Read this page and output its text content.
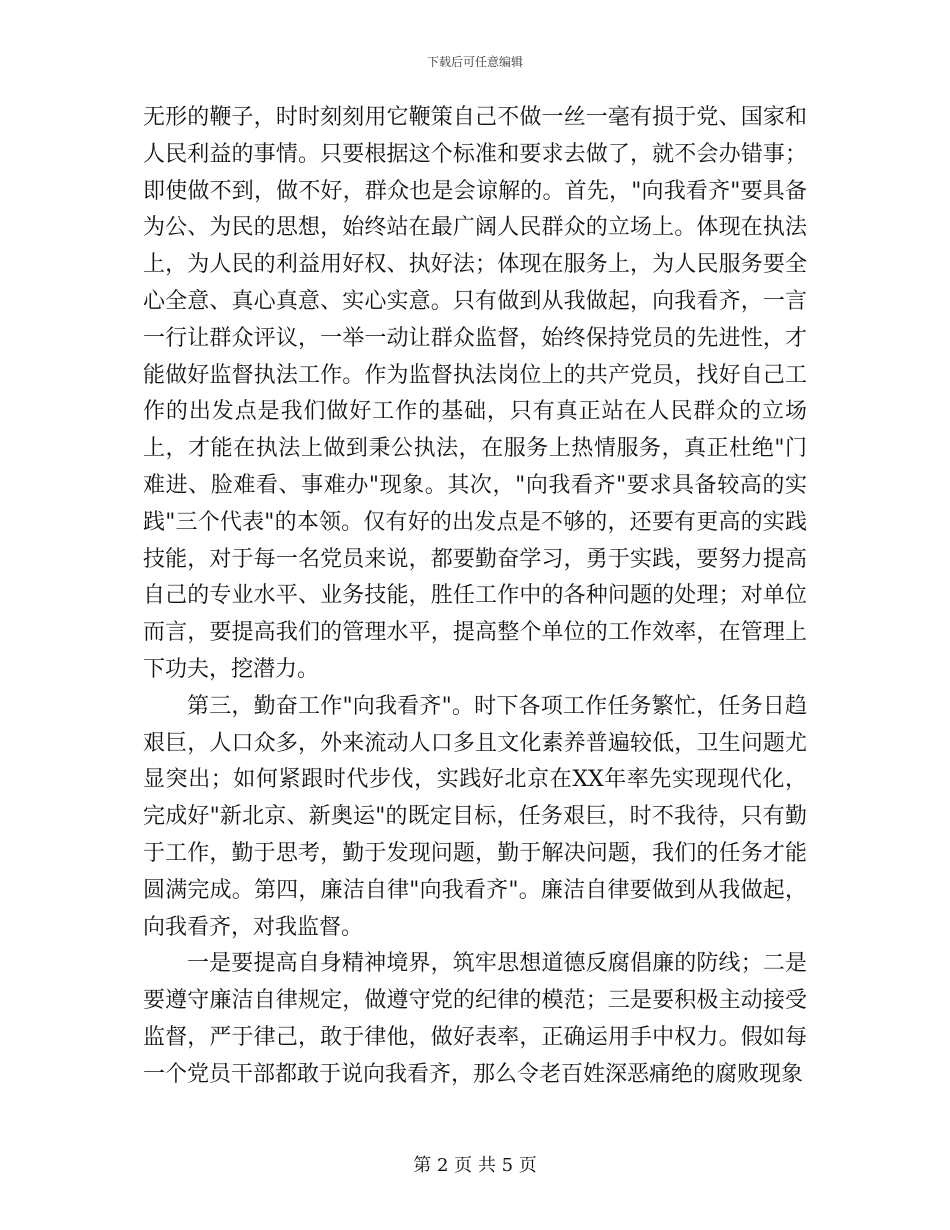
下载后可任意编辑

无形的鞭子，时时刻刻用它鞭策自己不做一丝一毫有损于党、国家和人民利益的事情。只要根据这个标准和要求去做了，就不会办错事；即使做不到，做不好，群众也是会谅解的。首先，"向我看齐"要具备为公、为民的思想，始终站在最广阔人民群众的立场上。体现在执法上，为人民的利益用好权、执好法；体现在服务上，为人民服务要全心全意、真心真意、实心实意。只有做到从我做起，向我看齐，一言一行让群众评议，一举一动让群众监督，始终保持党员的先进性，才能做好监督执法工作。作为监督执法岗位上的共产党员，找好自己工作的出发点是我们做好工作的基础，只有真正站在人民群众的立场上，才能在执法上做到秉公执法，在服务上热情服务，真正杜绝"门难进、脸难看、事难办"现象。其次，"向我看齐"要求具备较高的实践"三个代表"的本领。仅有好的出发点是不够的，还要有更高的实践技能，对于每一名党员来说，都要勤奋学习，勇于实践，要努力提高自己的专业水平、业务技能，胜任工作中的各种问题的处理；对单位而言，要提高我们的管理水平，提高整个单位的工作效率，在管理上下功夫，挖潜力。

第三，勤奋工作"向我看齐"。时下各项工作任务繁忙，任务日趋艰巨，人口众多，外来流动人口多且文化素养普遍较低，卫生问题尤显突出；如何紧跟时代步伐，实践好北京在XX年率先实现现代化，完成好"新北京、新奥运"的既定目标，任务艰巨，时不我待，只有勤于工作，勤于思考，勤于发现问题，勤于解决问题，我们的任务才能圆满完成。第四，廉洁自律"向我看齐"。廉洁自律要做到从我做起，向我看齐，对我监督。

一是要提高自身精神境界，筑牢思想道德反腐倡廉的防线；二是要遵守廉洁自律规定，做遵守党的纪律的模范；三是要积极主动接受监督，严于律己，敢于律他，做好表率，正确运用手中权力。假如每一个党员干部都敢于说向我看齐，那么令老百姓深恶痛绝的腐败现象

第 2 页 共 5 页
